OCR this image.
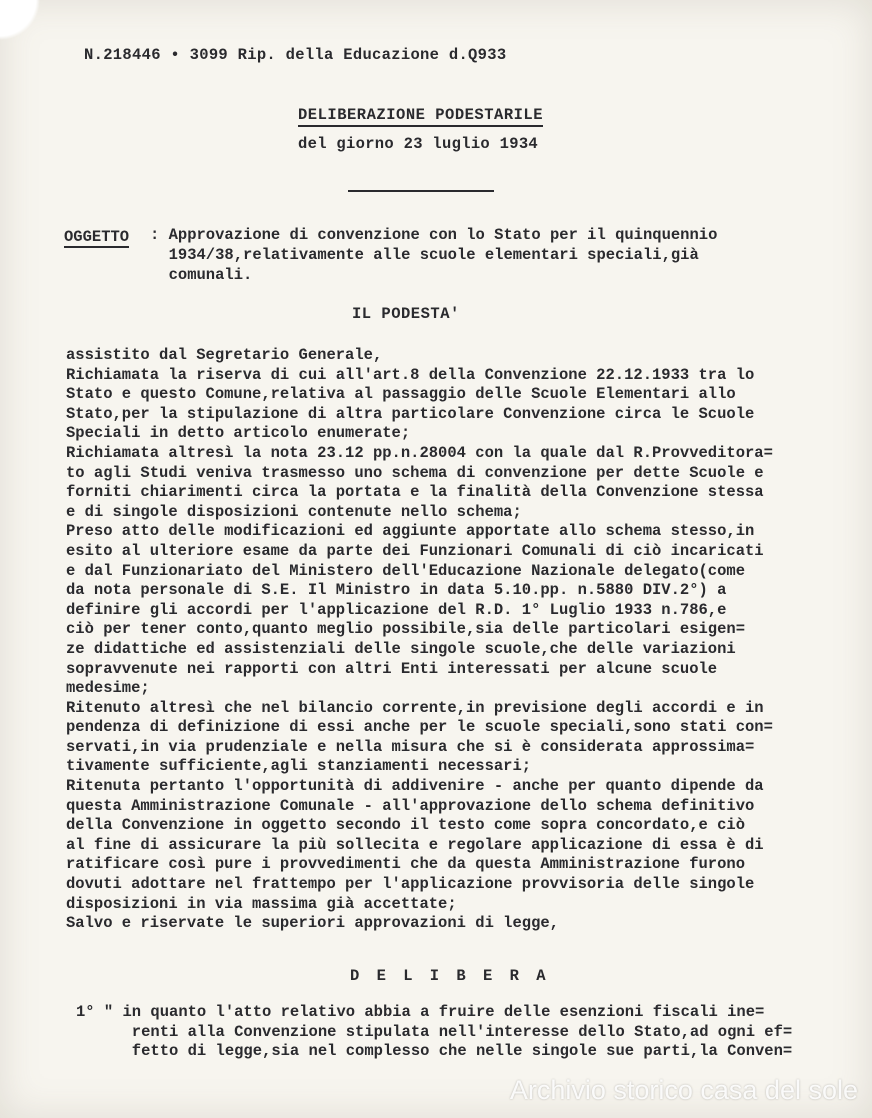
N.218446 • 3099 Rip. della Educazione d.Q933
DELIBERAZIONE PODESTARILE
del giorno 23 luglio 1934
OGGETTO : Approvazione di convenzione con lo Stato per il quinquennio
1934/38,relativamente alle scuole elementari speciali,già
comunali.
IL PODESTA'
assistito dal Segretario Generale,
Richiamata la riserva di cui all'art.8 della Convenzione 22.12.1933 tra lo
Stato e questo Comune,relativa al passaggio delle Scuole Elementari allo
Stato,per la stipulazione di altra particolare Convenzione circa le Scuole
Speciali in detto articolo enumerate;
Richiamata altresì la nota 23.12 pp.n.28004 con la quale dal R.Provveditora=
to agli Studi veniva trasmesso uno schema di convenzione per dette Scuole e
forniti chiarimenti circa la portata e la finalità della Convenzione stessa
e di singole disposizioni contenute nello schema;
Preso atto delle modificazioni ed aggiunte apportate allo schema stesso,in
esito al ulteriore esame da parte dei Funzionari Comunali di ciò incaricati
e dal Funzionariato del Ministero dell'Educazione Nazionale delegato(come
da nota personale di S.E. Il Ministro in data 5.10.pp. n.5880 DIV.2°) a
definire gli accordi per l'applicazione del R.D. 1° Luglio 1933 n.786,e
ciò per tener conto,quanto meglio possibile,sia delle particolari esigen=
ze didattiche ed assistenziali delle singole scuole,che delle variazioni
sopravvenute nei rapporti con altri Enti interessati per alcune scuole
medesime;
Ritenuto altresì che nel bilancio corrente,in previsione degli accordi e in
pendenza di definizione di essi anche per le scuole speciali,sono stati con=
servati,in via prudenziale e nella misura che si è considerata approssima=
tivamente sufficiente,agli stanziamenti necessari;
Ritenuta pertanto l'opportunità di addivenire - anche per quanto dipende da
questa Amministrazione Comunale - all'approvazione dello schema definitivo
della Convenzione in oggetto secondo il testo come sopra concordato,e ciò
al fine di assicurare la più sollecita e regolare applicazione di essa è di
ratificare così pure i provvedimenti che da questa Amministrazione furono
dovuti adottare nel frattempo per l'applicazione provvisoria delle singole
disposizioni in via massima già accettate;
Salvo e riservate le superiori approvazioni di legge,
D E L I B E R A
1° " in quanto l'atto relativo abbia a fruire delle esenzioni fiscali ine=
renti alla Convenzione stipulata nell'interesse dello Stato,ad ogni ef=
fetto di legge,sia nel complesso che nelle singole sue parti,la Conven=
Archivio storico casa del sole
